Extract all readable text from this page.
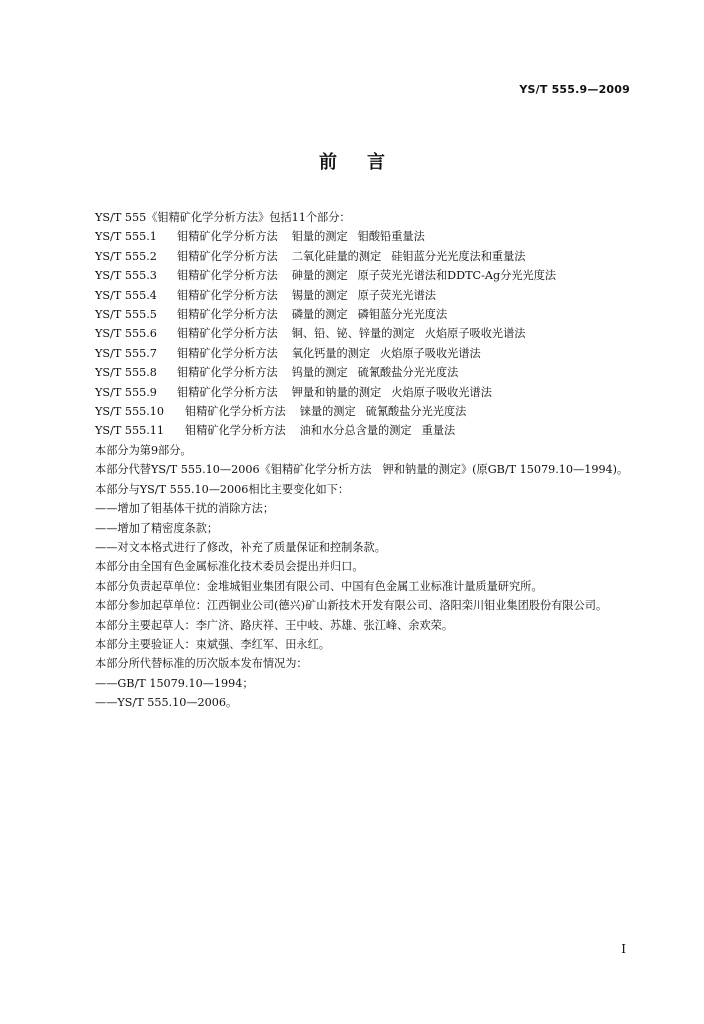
YS/T 555.9—2009
前言
YS/T 555《钼精矿化学分析方法》包括11个部分：
YS/T 555.1 钼精矿化学分析方法 钼量的测定 钼酸铅重量法
YS/T 555.2 钼精矿化学分析方法 二氧化硅量的测定 硅钼蓝分光光度法和重量法
YS/T 555.3 钼精矿化学分析方法 砷量的测定 原子荧光光谱法和DDTC-Ag分光光度法
YS/T 555.4 钼精矿化学分析方法 锡量的测定 原子荧光光谱法
YS/T 555.5 钼精矿化学分析方法 磷量的测定 磷钼蓝分光光度法
YS/T 555.6 钼精矿化学分析方法 铜、铅、铋、锌量的测定 火焰原子吸收光谱法
YS/T 555.7 钼精矿化学分析方法 氧化钙量的测定 火焰原子吸收光谱法
YS/T 555.8 钼精矿化学分析方法 钨量的测定 硫氰酸盐分光光度法
YS/T 555.9 钼精矿化学分析方法 钾量和钠量的测定 火焰原子吸收光谱法
YS/T 555.10 钼精矿化学分析方法 铼量的测定 硫氰酸盐分光光度法
YS/T 555.11 钼精矿化学分析方法 油和水分总含量的测定 重量法
本部分为第9部分。
本部分代替YS/T 555.10—2006《钼精矿化学分析方法　钾和钠量的测定》(原GB/T 15079.10—1994)。
本部分与YS/T 555.10—2006相比主要变化如下：
——增加了钼基体干扰的消除方法；
——增加了精密度条款；
——对文本格式进行了修改，补充了质量保证和控制条款。
本部分由全国有色金属标准化技术委员会提出并归口。
本部分负责起草单位：金堆城钼业集团有限公司、中国有色金属工业标准计量质量研究所。
本部分参加起草单位：江西铜业公司(德兴)矿山新技术开发有限公司、洛阳栾川钼业集团股份有限公司。
本部分主要起草人：李广济、路庆祥、王中岐、苏雄、张江峰、余欢荣。
本部分主要验证人：束斌强、李红军、田永红。
本部分所代替标准的历次版本发布情况为：
——GB/T 15079.10—1994；
——YS/T 555.10—2006。
I
